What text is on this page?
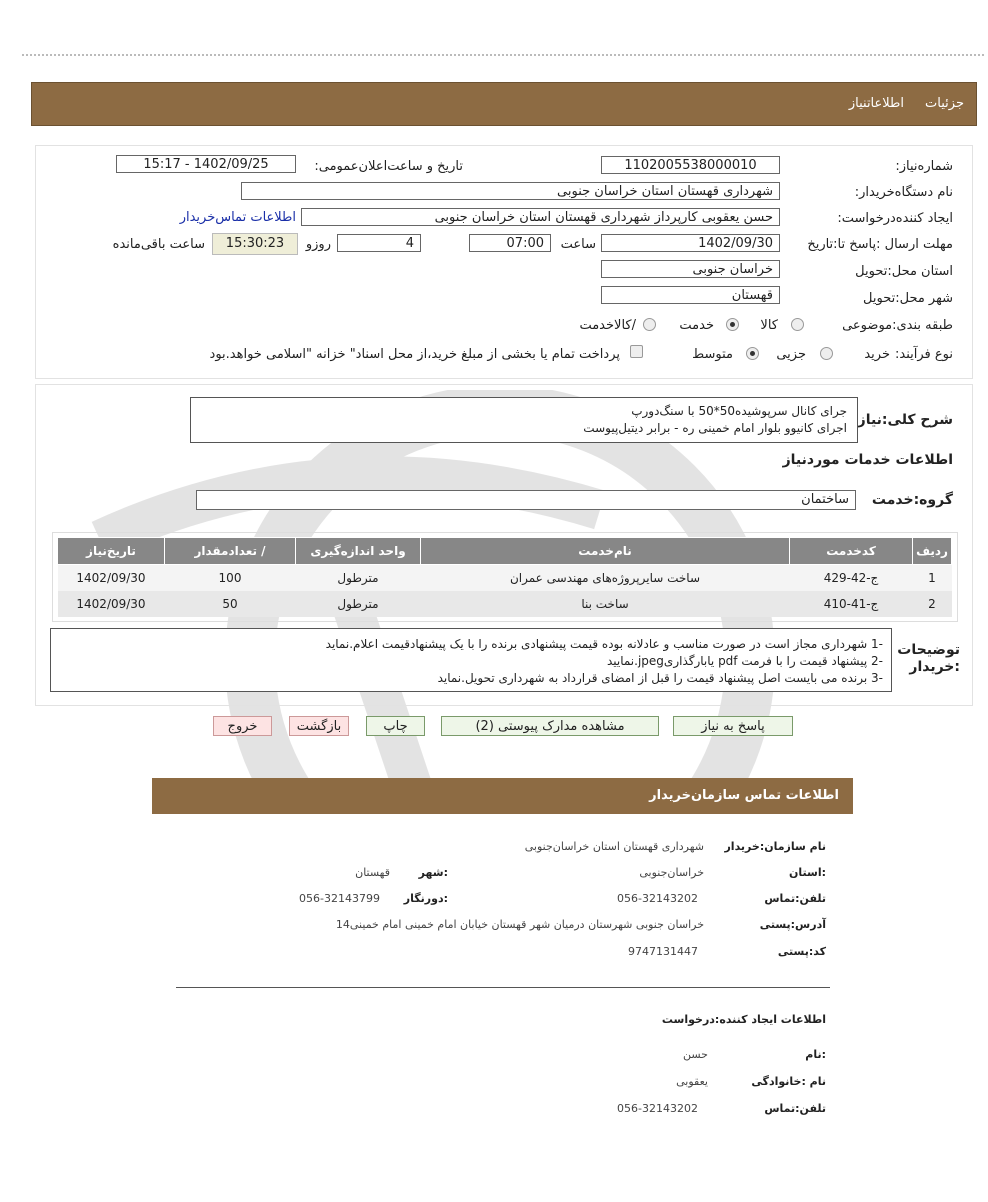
جزئیات
اطلاعاتنیاز
شماره‌نیاز:
1102005538000010
تاریخ و ساعت‌اعلان‌عمومی:
1402/09/25 - 15:17
نام دستگاه‌خریدار:
شهرداری قهستان استان خراسان جنوبی
ایجاد کننده‌درخواست:
حسن یعقوبی کارپرداز شهرداری قهستان استان خراسان جنوبی
اطلاعات تماس‌خریدار
مهلت ارسال :پاسخ تا:تاریخ
1402/09/30
ساعت
07:00
4
روزو
15:30:23
ساعت باقی‌مانده
استان محل:تحویل
خراسان جنوبی
شهر محل:تحویل
قهستان
طبقه بندی:موضوعی
کالا
خدمت
/کالاخدمت
نوع فرآیند:
خرید
جزیی
متوسط
پرداخت تمام یا بخشی از مبلغ خرید،از محل اسناد" خزانه "اسلامی خواهد.بود
شرح کلی:نیاز
جرای کانال سرپوشیده50*50 با سنگ‌دورپ
اجرای کانیوو بلوار امام خمینی ره - برابر دیتیل‌پیوست
اطلاعات خدمات موردنیاز
گروه:خدمت
ساختمان
ردیف	کدخدمت	نام‌خدمت	واحد اندازه‌گیری	/ تعدادمقدار	تاریخ‌نیاز
1	ج-42-429	ساخت سایرپروژه‌های مهندسی عمران	مترطول	100	1402/09/30
2	ج-41-410	ساخت بنا	مترطول	50	1402/09/30
توضیحات :خریدار
-1 شهرداری مجاز است در صورت مناسب و عادلانه بوده قیمت پیشنهادی برنده را با یک پیشنهادقیمت اعلام.نماید
-2 پیشنهاد قیمت را با فرمت pdf یابارگذاریjpeg.نمایید
-3 برنده می بایست اصل پیشنهاد قیمت را قبل از امضای قرارداد به شهرداری تحویل.نماید
پاسخ به نیاز
مشاهده مدارک پیوستی (2)
چاپ
بازگشت
خروج
اطلاعات تماس سازمان‌خریدار
نام سازمان:خریدار
شهرداری قهستان استان خراسان‌جنوبی
:استان
خراسان‌جنوبی
:شهر
قهستان
تلفن:تماس
056-32143202
:دورنگار
056-32143799
آدرس:پستی
خراسان جنوبی شهرستان درمیان شهر قهستان خیابان امام خمینی امام خمینی14
کد:پستی
9747131447
اطلاعات ایجاد کننده:درخواست
:نام
حسن
نام :خانوادگی
یعقوبی
تلفن:تماس
056-32143202
